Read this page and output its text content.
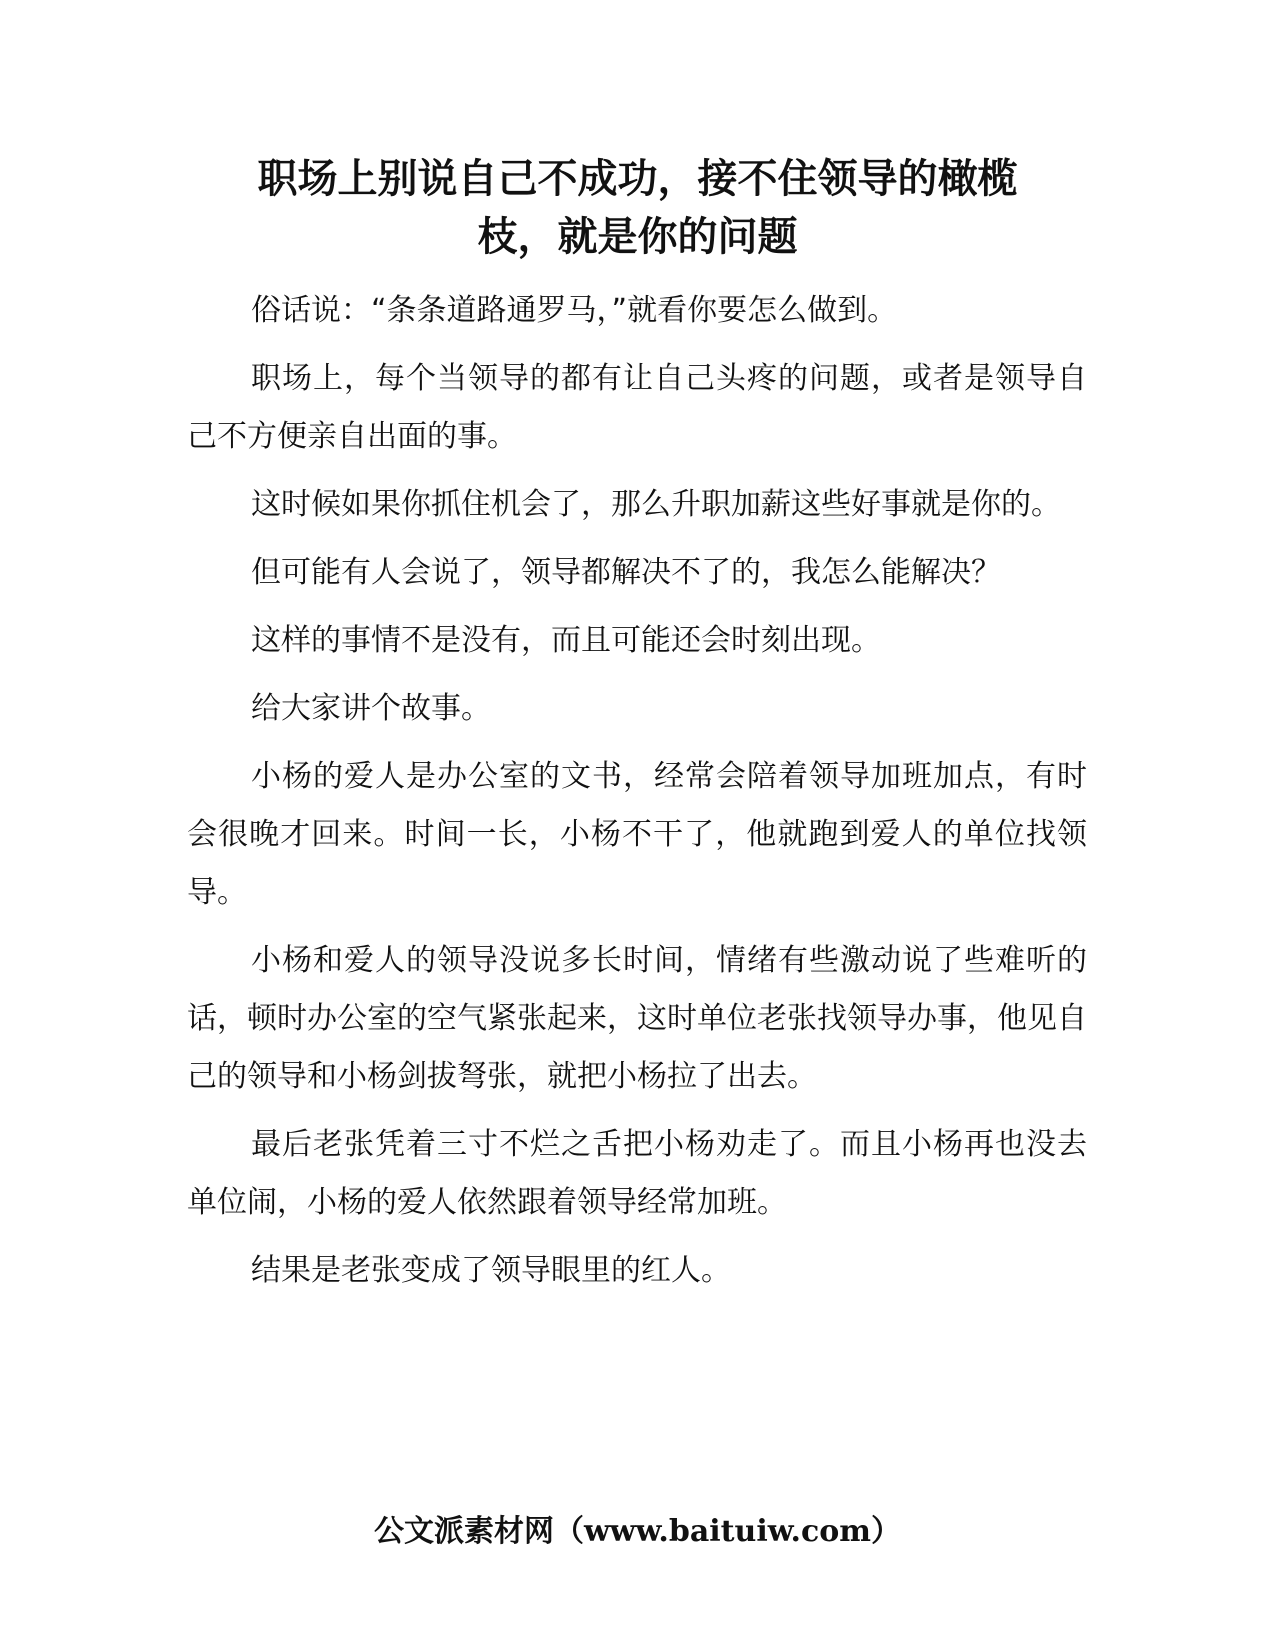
职场上别说自己不成功，接不住领导的橄榄
枝，就是你的问题

俗话说：“条条道路通罗马，”就看你要怎么做到。

职场上，每个当领导的都有让自己头疼的问题，或者是领导自己不方便亲自出面的事。

这时候如果你抓住机会了，那么升职加薪这些好事就是你的。

但可能有人会说了，领导都解决不了的，我怎么能解决？

这样的事情不是没有，而且可能还会时刻出现。

给大家讲个故事。

小杨的爱人是办公室的文书，经常会陪着领导加班加点，有时会很晚才回来。时间一长，小杨不干了，他就跑到爱人的单位找领导。

小杨和爱人的领导没说多长时间，情绪有些激动说了些难听的话，顿时办公室的空气紧张起来，这时单位老张找领导办事，他见自己的领导和小杨剑拔弩张，就把小杨拉了出去。

最后老张凭着三寸不烂之舌把小杨劝走了。而且小杨再也没去单位闹，小杨的爱人依然跟着领导经常加班。

结果是老张变成了领导眼里的红人。

公文派素材网（www.baituiw.com）
